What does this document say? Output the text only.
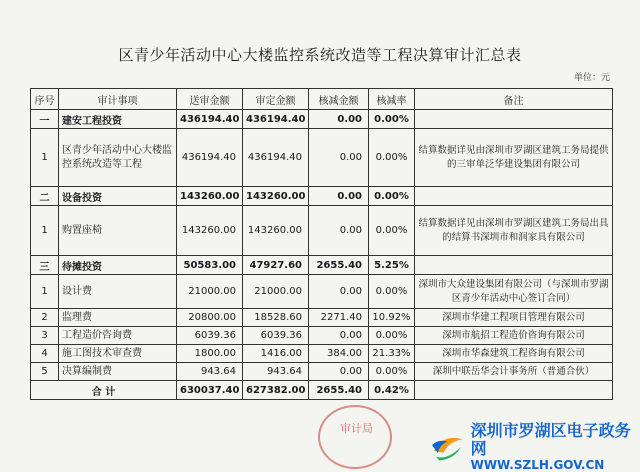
区青少年活动中心大楼监控系统改造等工程决算审计汇总表
单位：元
序号	审计事项	送审金额	审定金额	核减金额	核减率	备注
一	建安工程投资	436194.40	436194.40	0.00	0.00%	
1	区青少年活动中心大楼监控系统改造等工程	436194.40	436194.40	0.00	0.00%	结算数据详见由深圳市罗湖区建筑工务局提供的三审单泛华建设集团有限公司
二	设备投资	143260.00	143260.00	0.00	0.00%	
1	购置座椅	143260.00	143260.00	0.00	0.00%	结算数据详见由深圳市罗湖区建筑工务局出具的结算书深圳市和润家具有限公司
三	待摊投资	50583.00	47927.60	2655.40	5.25%	
1	设计费	21000.00	21000.00	0.00	0.00%	深圳市大众建设集团有限公司（与深圳市罗湖区青少年活动中心签订合同）
2	监理费	20800.00	18528.60	2271.40	10.92%	深圳市华建工程项目管理有限公司
3	工程造价咨询费	6039.36	6039.36	0.00	0.00%	深圳市航招工程造价咨询有限公司
4	施工图技术审查费	1800.00	1416.00	384.00	21.33%	深圳市华森建筑工程咨询有限公司
5	决算编制费	943.64	943.64	0.00	0.00%	深圳中联岳华会计事务所（普通合伙）
合 计		630037.40	627382.00	2655.40	0.42%	
审计局	深圳市罗湖区电子政务网
WWW.SZLH.GOV.CN
